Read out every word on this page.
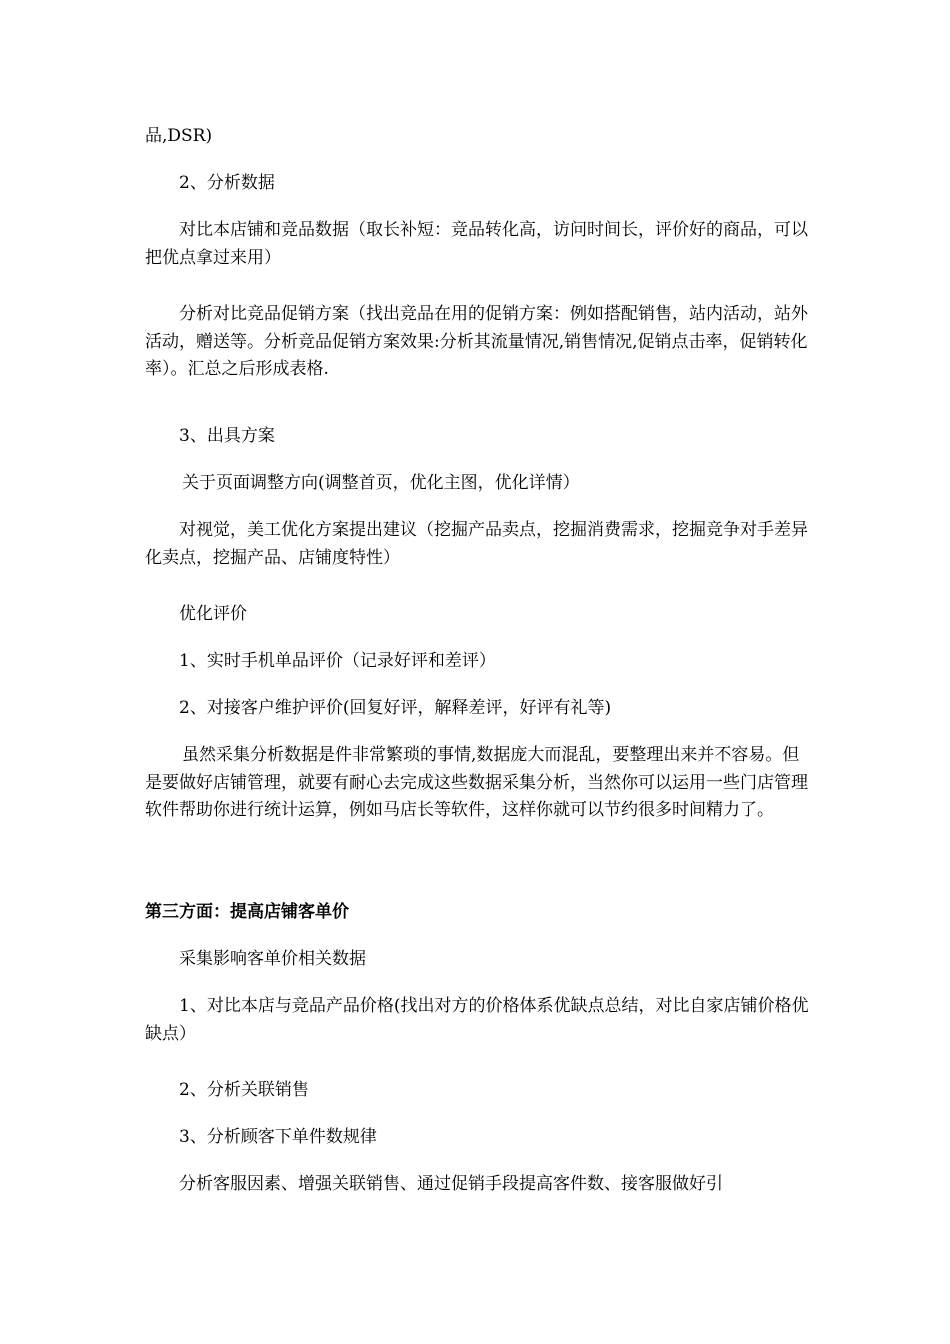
品,DSR)

2、分析数据

对比本店铺和竞品数据（取长补短：竞品转化高，访问时间长，评价好的商品，可以把优点拿过来用）

分析对比竞品促销方案（找出竞品在用的促销方案：例如搭配销售，站内活动，站外活动，赠送等。分析竞品促销方案效果:分析其流量情况,销售情况,促销点击率，促销转化率）。汇总之后形成表格.

3、出具方案

关于页面调整方向(调整首页，优化主图，优化详情）

对视觉，美工优化方案提出建议（挖掘产品卖点，挖掘消费需求，挖掘竞争对手差异化卖点，挖掘产品、店铺度特性）

优化评价

1、实时手机单品评价（记录好评和差评）

2、对接客户维护评价(回复好评，解释差评，好评有礼等)

虽然采集分析数据是件非常繁琐的事情,数据庞大而混乱，要整理出来并不容易。但是要做好店铺管理，就要有耐心去完成这些数据采集分析，当然你可以运用一些门店管理软件帮助你进行统计运算，例如马店长等软件，这样你就可以节约很多时间精力了。

第三方面：提高店铺客单价

采集影响客单价相关数据

1、对比本店与竞品产品价格(找出对方的价格体系优缺点总结，对比自家店铺价格优缺点）

2、分析关联销售

3、分析顾客下单件数规律

分析客服因素、增强关联销售、通过促销手段提高客件数、接客服做好引
